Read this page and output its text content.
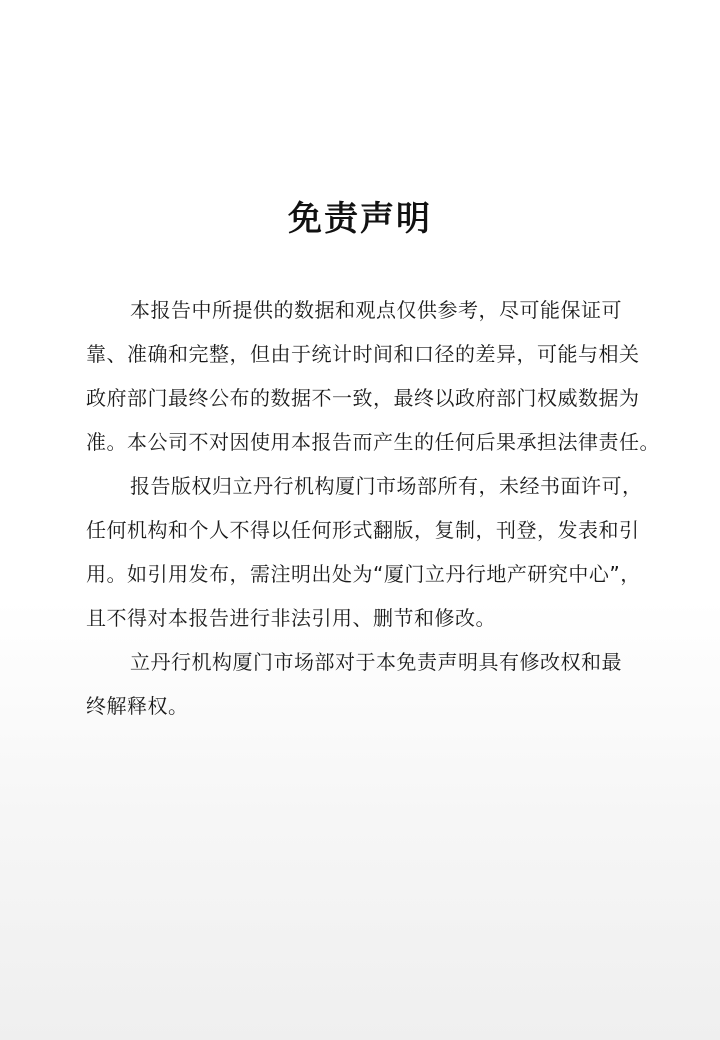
免责声明

本报告中所提供的数据和观点仅供参考，尽可能保证可
靠、准确和完整，但由于统计时间和口径的差异，可能与相关
政府部门最终公布的数据不一致，最终以政府部门权威数据为
准。本公司不对因使用本报告而产生的任何后果承担法律责任。

报告版权归立丹行机构厦门市场部所有，未经书面许可，
任何机构和个人不得以任何形式翻版，复制，刊登，发表和引
用。如引用发布，需注明出处为“厦门立丹行地产研究中心”，
且不得对本报告进行非法引用、删节和修改。

立丹行机构厦门市场部对于本免责声明具有修改权和最
终解释权。
